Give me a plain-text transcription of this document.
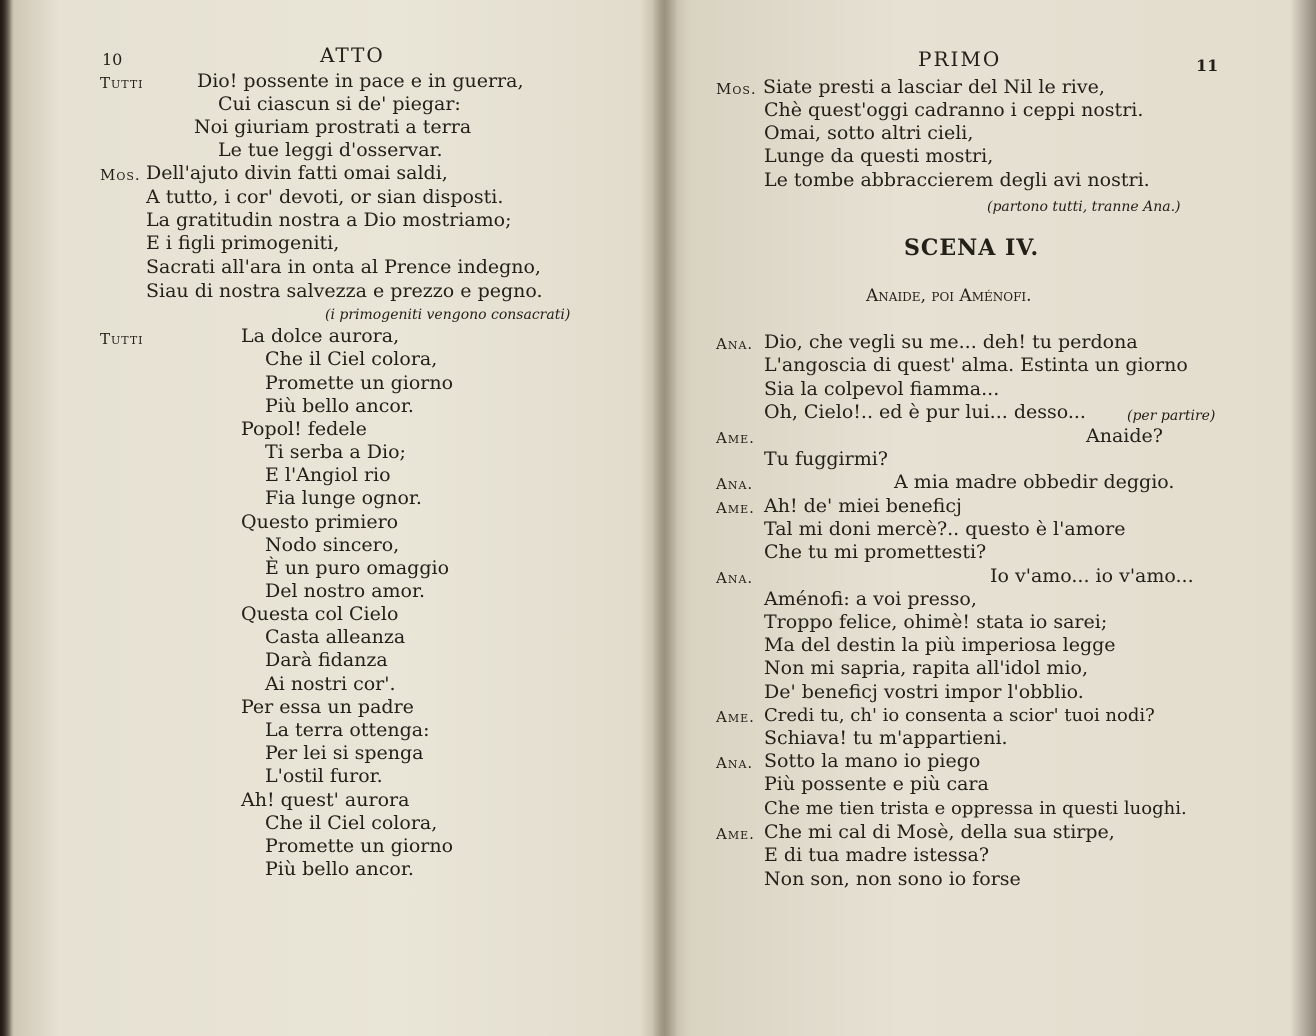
10	ATTO
Tutti	Dio! possente in pace e in guerra,
Cui ciascun si de' piegar:
Noi giuriam prostrati a terra
Le tue leggi d'osservar.
Mos. Dell'ajuto divin fatti omai saldi,
A tutto, i cor' devoti, or sian disposti.
La gratitudin nostra a Dio mostriamo;
E i figli primogeniti,
Sacrati all'ara in onta al Prence indegno,
Siau di nostra salvezza e prezzo e pegno.
(i primogeniti vengono consacrati)
Tutti	La dolce aurora,
Che il Ciel colora,
Promette un giorno
Più bello ancor.
Popol! fedele
Ti serba a Dio;
E l'Angiol rio
Fia lunge ognor.
Questo primiero
Nodo sincero,
È un puro omaggio
Del nostro amor.
Questa col Cielo
Casta alleanza
Darà fidanza
Ai nostri cor'.
Per essa un padre
La terra ottenga:
Per lei si spenga
L'ostil furor.
Ah! quest' aurora
Che il Ciel colora,
Promette un giorno
Più bello ancor.
PRIMO	11
Mos. Siate presti a lasciar del Nil le rive,
Chè quest'oggi cadranno i ceppi nostri.
Omai, sotto altri cieli,
Lunge da questi mostri,
Le tombe abbraccierem degli avi nostri.
(partono tutti, tranne Ana.)
SCENA IV.
Anaide, poi Aménofi.
Ana. Dio, che vegli su me... deh! tu perdona
L'angoscia di quest' alma. Estinta un giorno
Sia la colpevol fiamma...
Oh, Cielo!.. ed è pur lui... desso...	(per partire)
Ame.	Anaide?
Tu fuggirmi?
Ana.	A mia madre obbedir deggio.
Ame. Ah! de' miei beneficj
Tal mi doni mercè?.. questo è l'amore
Che tu mi promettesti?
Ana.	Io v'amo... io v'amo...
Aménofi: a voi presso,
Troppo felice, ohimè! stata io sarei;
Ma del destin la più imperiosa legge
Non mi sapria, rapita all'idol mio,
De' beneficj vostri impor l'obblio.
Ame. Credi tu, ch' io consenta a scior' tuoi nodi?
Schiava! tu m'appartieni.
Ana. Sotto la mano io piego
Più possente e più cara
Che me tien trista e oppressa in questi luoghi.
Ame. Che mi cal di Mosè, della sua stirpe,
E di tua madre istessa?
Non son, non sono io forse
